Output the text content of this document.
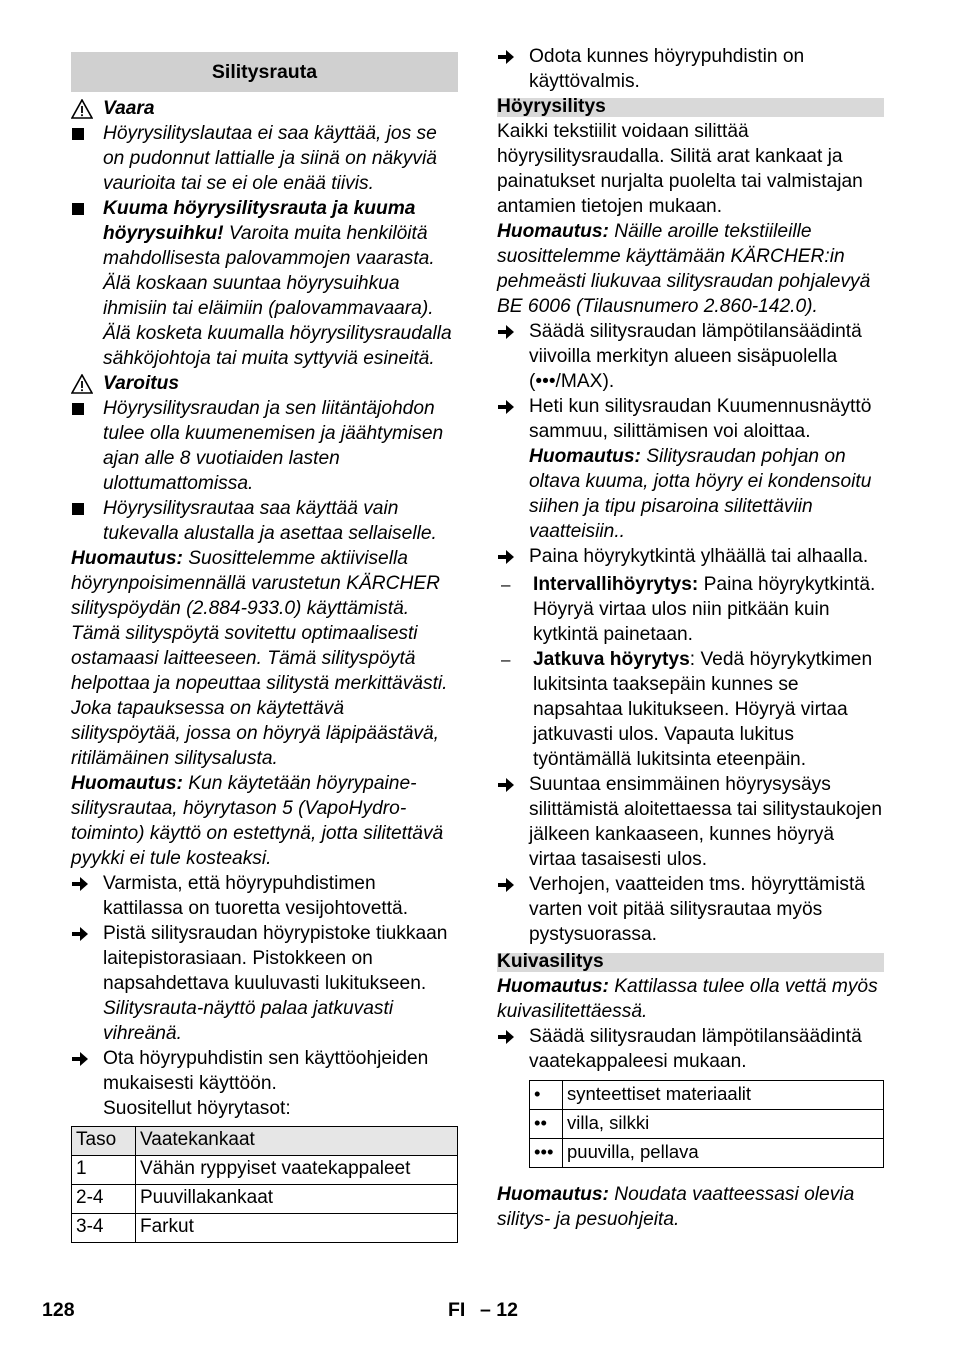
Silitysrauta
Vaara
Höyrysilityslautaa ei saa käyttää, jos se on pudonnut lattialle ja siinä on näkyviä vaurioita tai se ei ole enää tiivis.
Kuuma höyrysilitysrauta ja kuuma höyrysuihku! Varoita muita henkilöitä mahdollisesta palovammojen vaarasta. Älä koskaan suuntaa höyrysuihkua ihmisiin tai eläimiin (palovammavaara). Älä kosketa kuumalla höyrysilitysraudalla sähköjohtoja tai muita syttyviä esineitä.
Varoitus
Höyrysilitysraudan ja sen liitäntäjohdon tulee olla kuumenemisen ja jäähtymisen ajan alle 8 vuotiaiden lasten ulottumattomissa.
Höyrysilitysrautaa saa käyttää vain tukevalla alustalla ja asettaa sellaiselle.

Huomautus: Suosittelemme aktiivisella höyrynpoisimennällä varustetun KÄRCHER silityspöydän (2.884-933.0) käyttämistä. Tämä silityspöytä sovitettu optimaalisesti ostamaasi laitteeseen. Tämä silityspöytä helpottaa ja nopeuttaa silitystä merkittävästi. Joka tapauksessa on käytettävä silityspöytää, jossa on höyryä läpipäästävä, ritilämäinen silitysalusta.

Huomautus: Kun käytetään höyrypaine-silitysrautaa, höyrytason 5 (VapoHydro-toiminto) käyttö on estettynä, jotta silitettävä pyykki ei tule kosteaksi.

Varmista, että höyrypuhdistimen kattilassa on tuoretta vesijohtovettä.
Pistä silitysraudan höyrypistoke tiukkaan laitepistorasiaan. Pistokkeen on napsahdettava kuuluvasti lukitukseen.
Silitysrauta-näyttö palaa jatkuvasti vihreänä.
Ota höyrypuhdistin sen käyttöohjeiden mukaisesti käyttöön.
Suositellut höyrytasot:
Taso	Vaatekankaat
1	Vähän ryppyiset vaatekappaleet
2-4	Puuvillakankaat
3-4	Farkut
Odota kunnes höyrypuhdistin on käyttövalmis.
Höyrysilitys

Kaikki tekstiilit voidaan silittää höyrysilitysraudalla. Silitä arat kankaat ja painatukset nurjalta puolelta tai valmistajan antamien tietojen mukaan.

Huomautus: Näille aroille tekstiileille suosittelemme käyttämään KÄRCHER:in pehmeästi liukuvaa silitysraudan pohjalevyä BE 6006 (Tilausnumero 2.860-142.0).

Säädä silitysraudan lämpötilansäädintä viivoilla merkityn alueen sisäpuolella (•••/MAX).
Heti kun silitysraudan Kuumennusnäyttö sammuu, silittämisen voi aloittaa.
Huomautus: Silitysraudan pohjan on oltava kuuma, jotta höyry ei kondensoitu siihen ja tipu pisaroina silitettäviin vaatteisiin..
Paina höyrykytkintä ylhäällä tai alhaalla.
–	Intervallihöyrytys: Paina höyrykytkintä. Höyryä virtaa ulos niin pitkään kuin kytkintä painetaan.
–	Jatkuva höyrytys: Vedä höyrykytkimen lukitsinta taaksepäin kunnes se napsahtaa lukitukseen. Höyryä virtaa jatkuvasti ulos. Vapauta lukitus työntämällä lukitsinta eteenpäin.
Suuntaa ensimmäinen höyrysysäys silittämistä aloitettaessa tai silitystaukojen jälkeen kankaaseen, kunnes höyryä virtaa tasaisesti ulos.
Verhojen, vaatteiden tms. höyryttämistä varten voit pitää silitysrautaa myös pystysuorassa.
Kuivasilitys

Huomautus: Kattilassa tulee olla vettä myös kuivasilitettäessä.

Säädä silitysraudan lämpötilansäädintä vaatekappaleesi mukaan.
•	synteettiset materiaalit
••	villa, silkki
•••	puuvilla, pellava

Huomautus: Noudata vaatteessasi olevia silitys- ja pesuohjeita.

128	FI – 12
